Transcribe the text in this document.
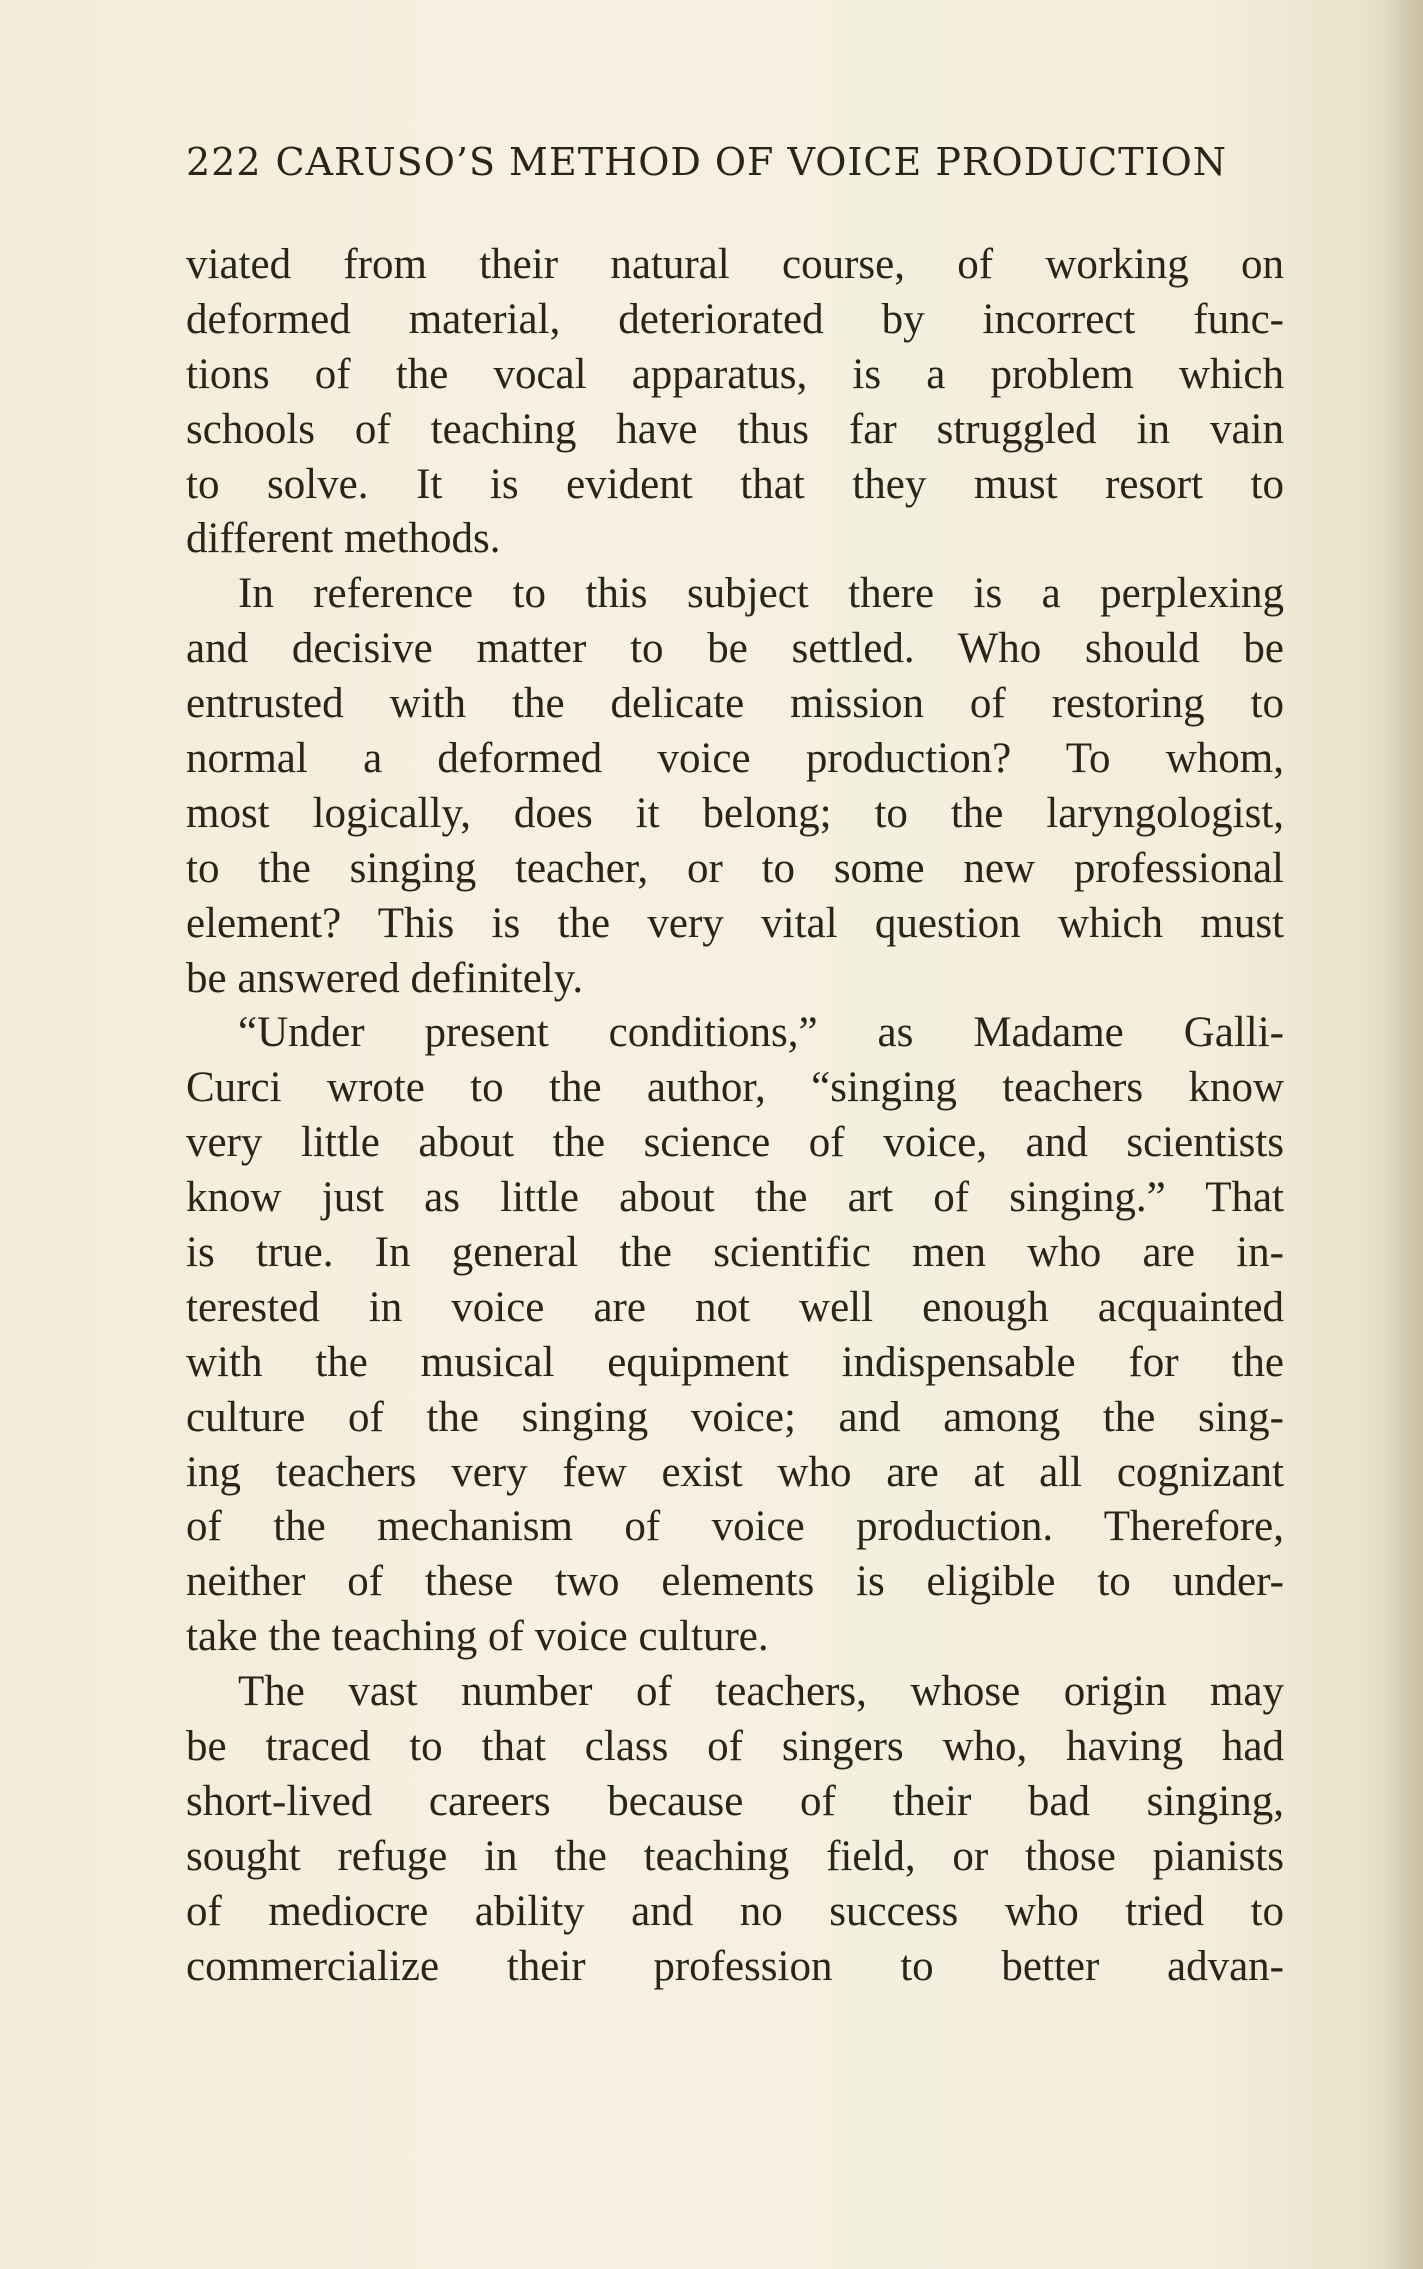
222 CARUSO’S METHOD OF VOICE PRODUCTION
viated from their natural course, of working on
deformed material, deteriorated by incorrect func-
tions of the vocal apparatus, is a problem which
schools of teaching have thus far struggled in vain
to solve. It is evident that they must resort to
different methods.
In reference to this subject there is a perplexing
and decisive matter to be settled. Who should be
entrusted with the delicate mission of restoring to
normal a deformed voice production? To whom,
most logically, does it belong; to the laryngologist,
to the singing teacher, or to some new professional
element? This is the very vital question which must
be answered definitely.
“Under present conditions,” as Madame Galli-
Curci wrote to the author, “singing teachers know
very little about the science of voice, and scientists
know just as little about the art of singing.” That
is true. In general the scientific men who are in-
terested in voice are not well enough acquainted
with the musical equipment indispensable for the
culture of the singing voice; and among the sing-
ing teachers very few exist who are at all cognizant
of the mechanism of voice production. Therefore,
neither of these two elements is eligible to under-
take the teaching of voice culture.
The vast number of teachers, whose origin may
be traced to that class of singers who, having had
short-lived careers because of their bad singing,
sought refuge in the teaching field, or those pianists
of mediocre ability and no success who tried to
commercialize their profession to better advan-
